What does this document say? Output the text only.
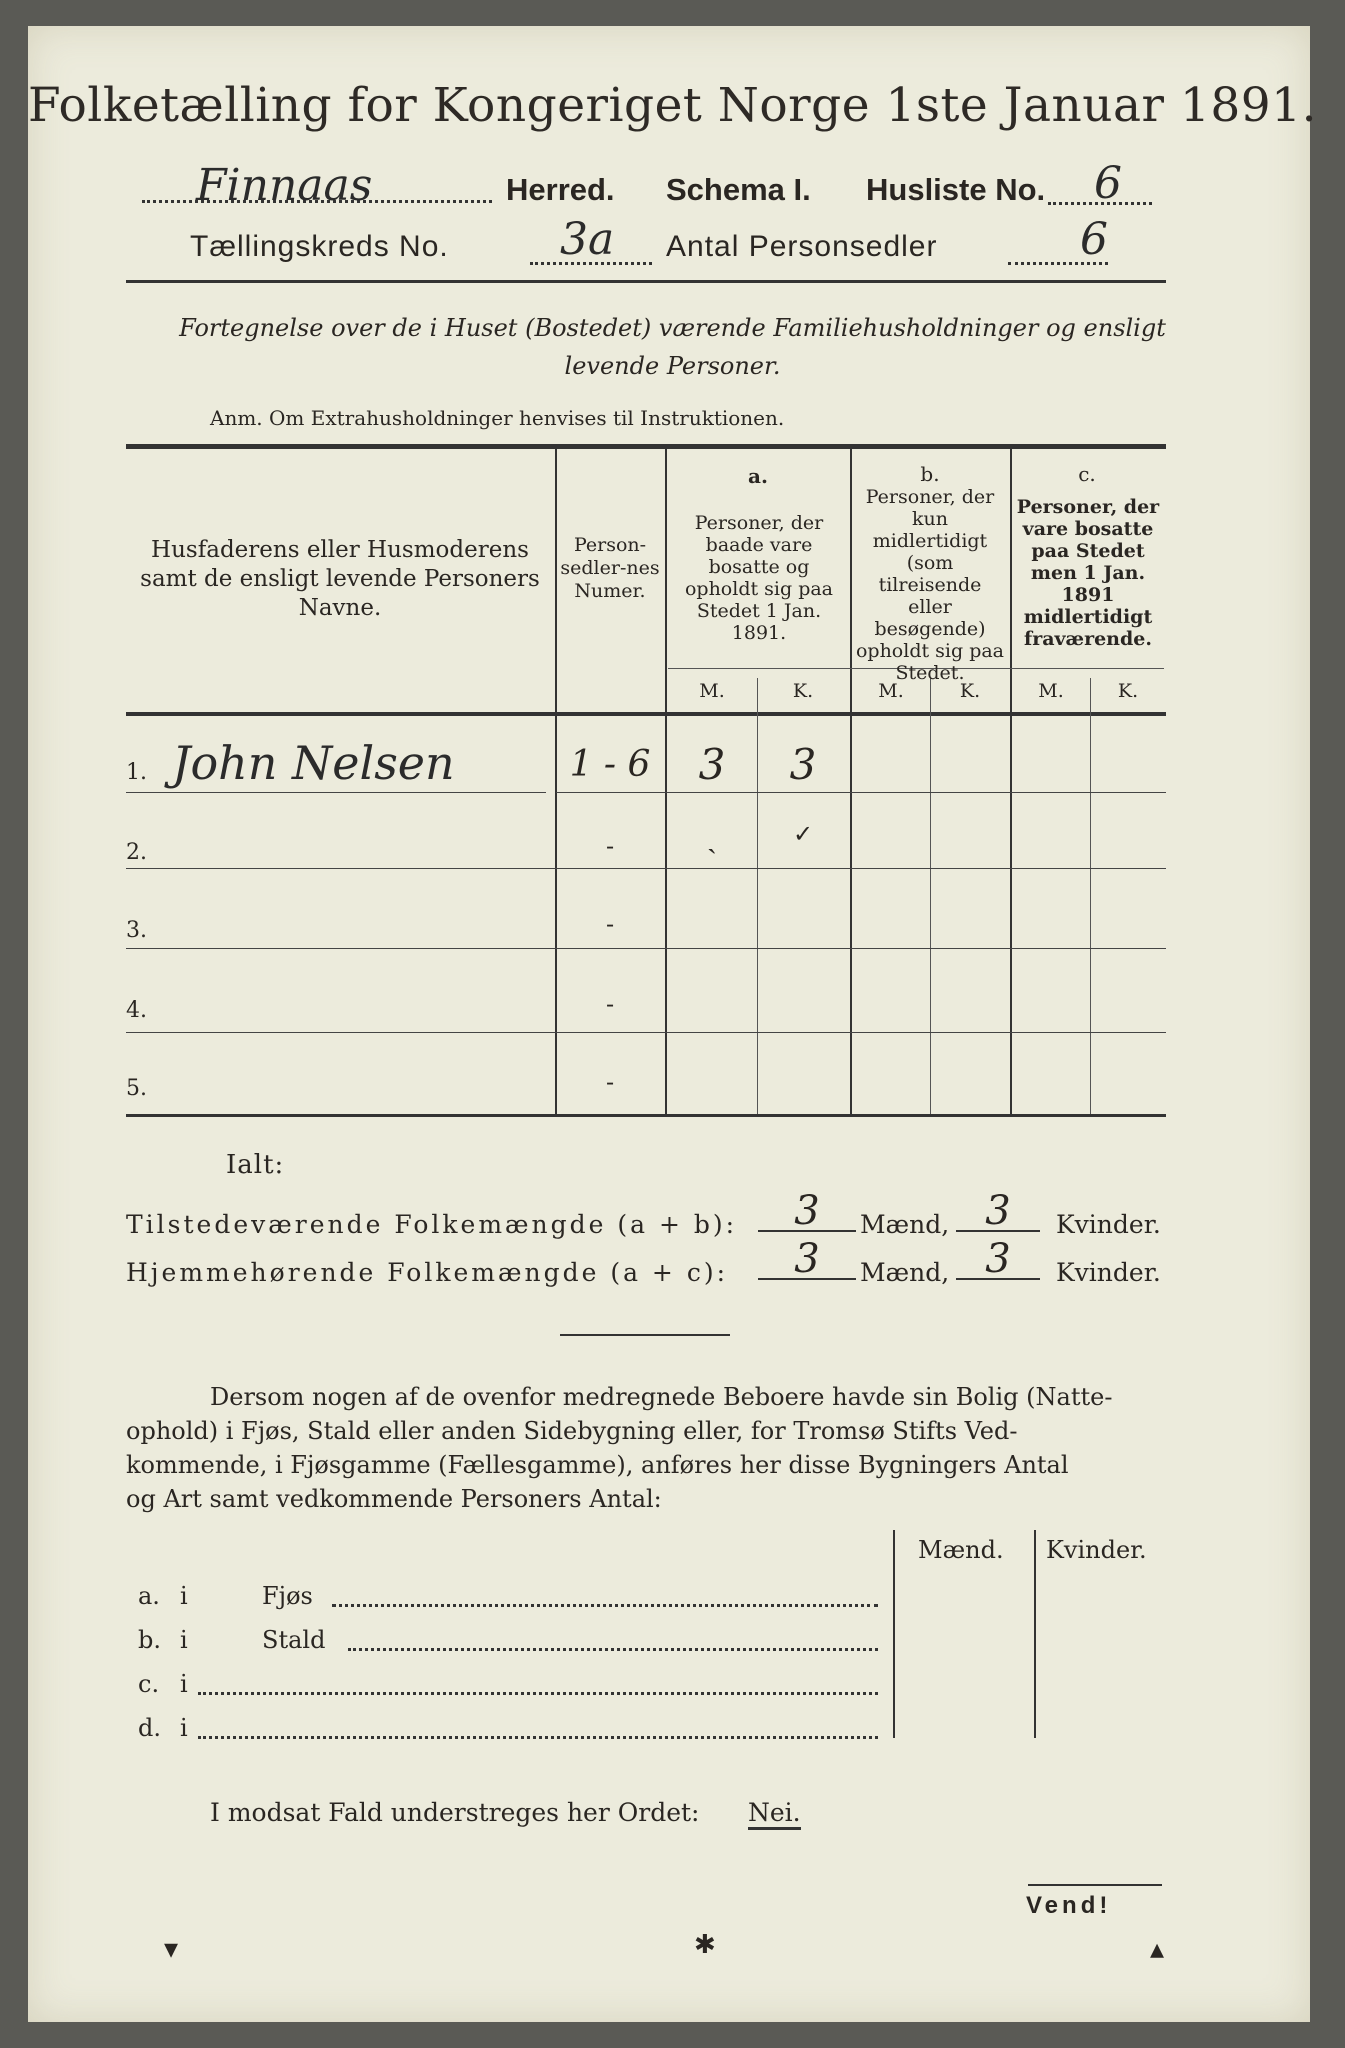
Folketælling for Kongeriget Norge 1ste Januar 1891.
Finnaas	Herred. Schema I. Husliste No. 6
Tællingskreds No.	3a Antal Personsedler	6
Fortegnelse over de i Huset (Bostedet) værende Familiehusholdninger og ensligt
levende Personer.
Anm. Om Extrahusholdninger henvises til Instruktionen.
Husfaderens eller Husmoderens samt de ensligt levende Personers Navne.
Person-sedler-nes Numer.
a.
Personer, der baade vare bosatte og opholdt sig paa Stedet 1 Jan. 1891.
b.
Personer, der kun midlertidigt (som tilreisende eller besøgende) opholdt sig paa Stedet.
c.
Personer, der vare bosatte paa Stedet men 1 Jan. 1891 midlertidigt fraværende.
M.	K.	M.	K.	M.	K.
1. John Nelsen	1 - 6	3	3
2.	-	ˎ	✓
3.	-
4.	-
5.	-
Ialt:
Tilstedeværende Folkemængde (a + b):	3	Mænd, 3	Kvinder.
Hjemmehørende Folkemængde (a + c):	3	Mænd, 3	Kvinder.
Dersom nogen af de ovenfor medregnede Beboere havde sin Bolig (Natte-
ophold) i Fjøs, Stald eller anden Sidebygning eller, for Tromsø Stifts Ved-
kommende, i Fjøsgamme (Fællesgamme), anføres her disse Bygningers Antal
og Art samt vedkommende Personers Antal:
Mænd. Kvinder.
a. i	Fjøs
b. i	Stald
c. i
d. i
I modsat Fald understreges her Ordet: Nei.
Vend!
▾	✱	▴
